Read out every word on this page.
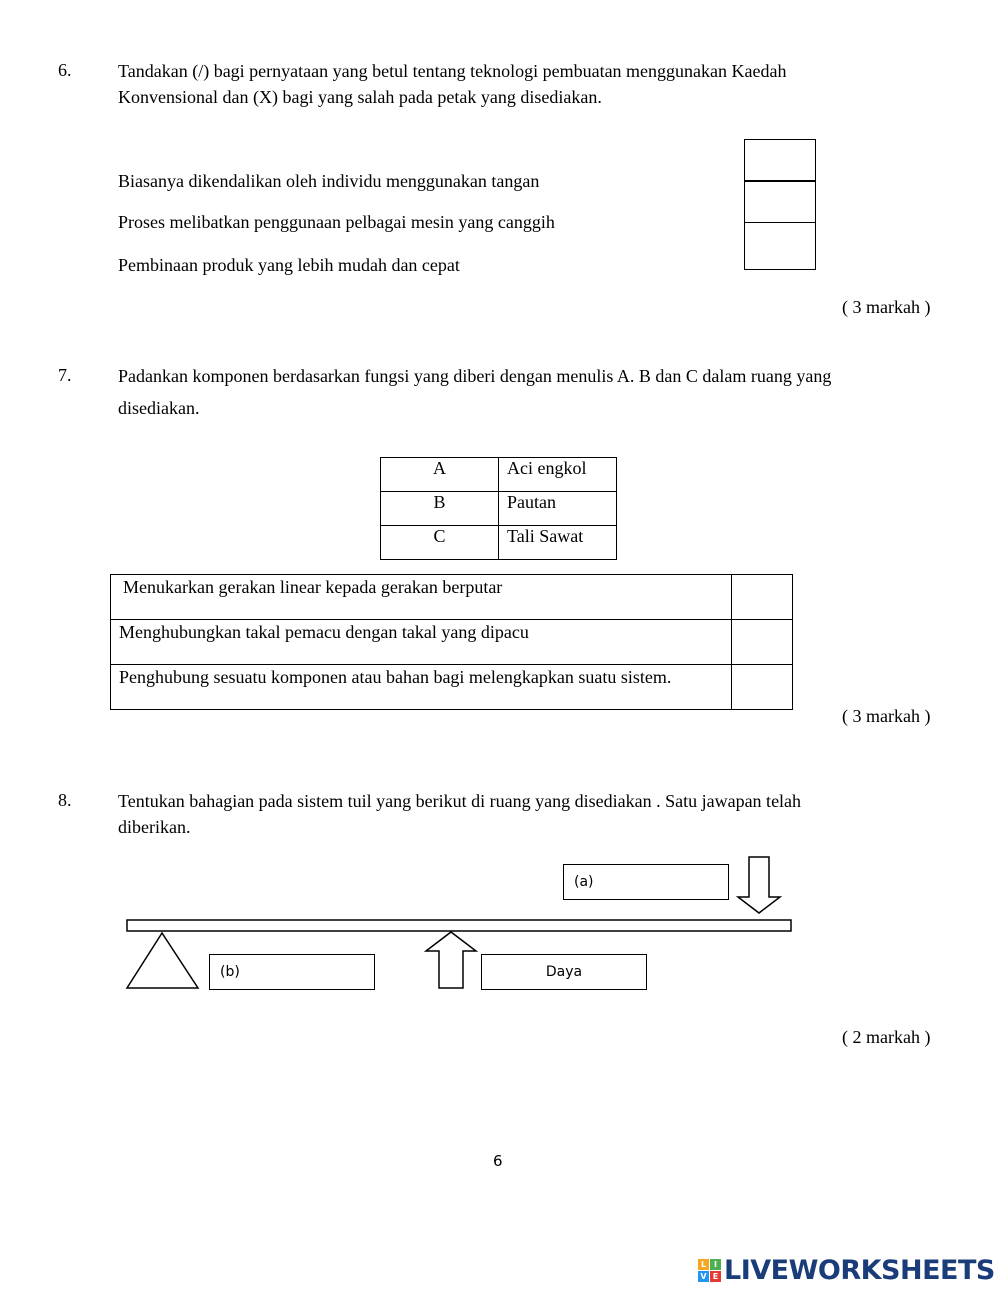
6.	Tandakan (/) bagi pernyataan yang betul tentang teknologi pembuatan menggunakan Kaedah
Konvensional dan (X) bagi yang salah pada petak yang disediakan.
Biasanya dikendalikan oleh individu menggunakan tangan
Proses melibatkan penggunaan pelbagai mesin yang canggih
Pembinaan produk yang lebih mudah dan cepat
( 3 markah )
7.	Padankan komponen berdasarkan fungsi yang diberi dengan menulis A. B dan C dalam ruang yang
disediakan.
A	Aci engkol
B	Pautan
C	Tali Sawat
Menukarkan gerakan linear kepada gerakan berputar	
Menghubungkan takal pemacu dengan takal yang dipacu	
Penghubung sesuatu komponen atau bahan bagi melengkapkan suatu sistem.	
( 3 markah )
8.	Tentukan bahagian pada sistem tuil yang berikut di ruang yang disediakan . Satu jawapan telah
diberikan.
(a)
(b)	Daya
( 2 markah )
6
L I
V E LIVEWORKSHEETS
